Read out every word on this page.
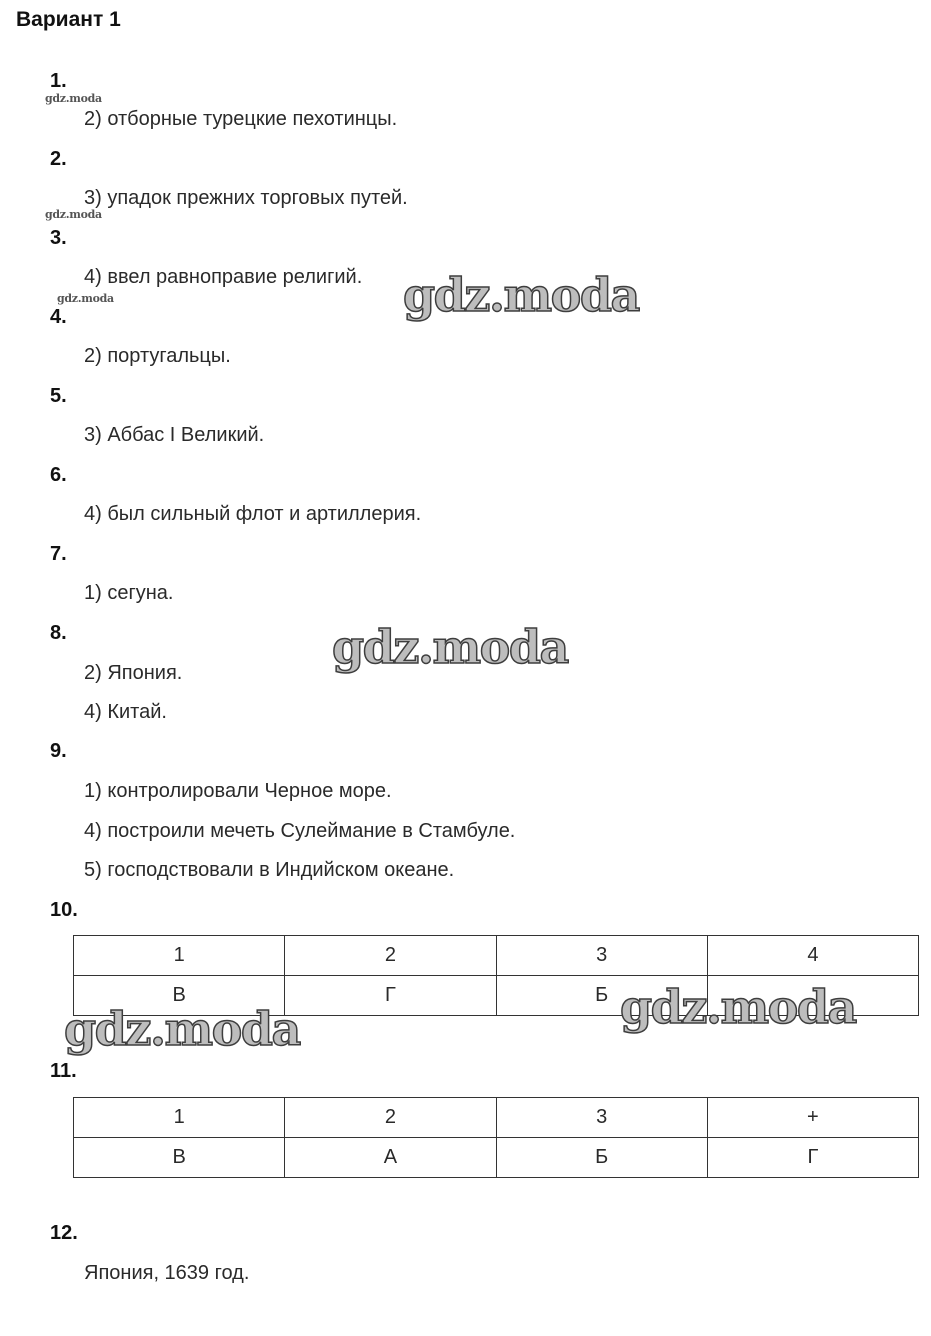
Вариант 1
1.
2) отборные турецкие пехотинцы.
2.
3) упадок прежних торговых путей.
3.
4) ввел равноправие религий.
4.
2) португальцы.
5.
3) Аббас I Великий.
6.
4) был сильный флот и артиллерия.
7.
1) сегуна.
8.
2) Япония.
4) Китай.
9.
1) контролировали Черное море.
4) построили мечеть Сулеймание в Стамбуле.
5) господствовали в Индийском океане.
10.
1	2	3	4
В	Г	Б	
11.
1	2	3	+
В	А	Б	Г
12.
Япония, 1639 год.
gdz.moda
gdz.moda
gdz.moda	gdz.moda
gdz.moda
gdz.moda
gdz.moda
